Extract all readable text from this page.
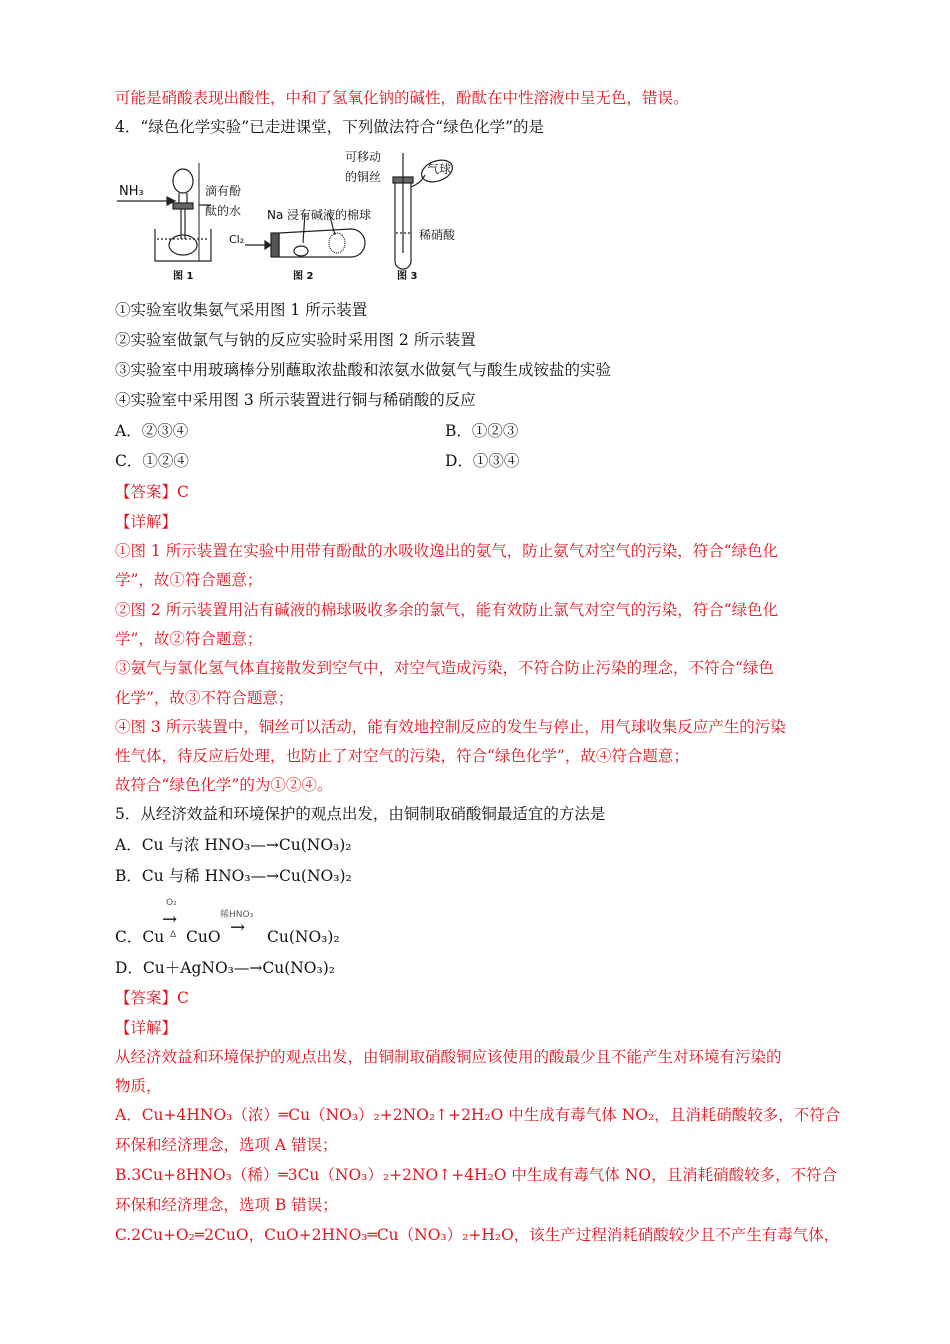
可能是硝酸表现出酸性，中和了氢氧化钠的碱性，酚酞在中性溶液中呈无色，错误。
4．“绿色化学实验”已走进课堂，下列做法符合“绿色化学”的是
NH₃	滴有酚
酞的水
图 1
Na 浸有碱液的棉球
Cl₂
图 2
可移动
的铜丝
气球
稀硝酸
图 3
①实验室收集氨气采用图 1 所示装置
②实验室做氯气与钠的反应实验时采用图 2 所示装置
③实验室中用玻璃棒分别蘸取浓盐酸和浓氨水做氨气与酸生成铵盐的实验
④实验室中采用图 3 所示装置进行铜与稀硝酸的反应
A．②③④	B．①②③
C．①②④	D．①③④
【答案】C
【详解】
①图 1 所示装置在实验中用带有酚酞的水吸收逸出的氨气，防止氨气对空气的污染，符合“绿色化
学”，故①符合题意；
②图 2 所示装置用沾有碱液的棉球吸收多余的氯气，能有效防止氯气对空气的污染，符合“绿色化
学”，故②符合题意；
③氨气与氯化氢气体直接散发到空气中，对空气造成污染，不符合防止污染的理念，不符合“绿色
化学”，故③不符合题意；
④图 3 所示装置中，铜丝可以活动，能有效地控制反应的发生与停止，用气球收集反应产生的污染
性气体，待反应后处理，也防止了对空气的污染，符合“绿色化学”，故④符合题意；
故符合“绿色化学”的为①②④。
5．从经济效益和环境保护的观点出发，由铜制取硝酸铜最适宜的方法是
A．Cu 与浓 HNO₃—→Cu(NO₃)₂
B．Cu 与稀 HNO₃—→Cu(NO₃)₂
C．Cu
O₂
→
Δ CuO
稀HNO₃
→ Cu(NO₃)₂
D．Cu＋AgNO₃—→Cu(NO₃)₂
【答案】C
【详解】
从经济效益和环境保护的观点出发，由铜制取硝酸铜应该使用的酸最少且不能产生对环境有污染的
物质，
A．Cu+4HNO₃（浓）═Cu（NO₃）₂+2NO₂↑+2H₂O 中生成有毒气体 NO₂，且消耗硝酸较多，不符合
环保和经济理念，选项 A 错误；
B.3Cu+8HNO₃（稀）═3Cu（NO₃）₂+2NO↑+4H₂O 中生成有毒气体 NO，且消耗硝酸较多，不符合
环保和经济理念，选项 B 错误；
C.2Cu+O₂═2CuO，CuO+2HNO₃═Cu（NO₃）₂+H₂O，该生产过程消耗硝酸较少且不产生有毒气体，
